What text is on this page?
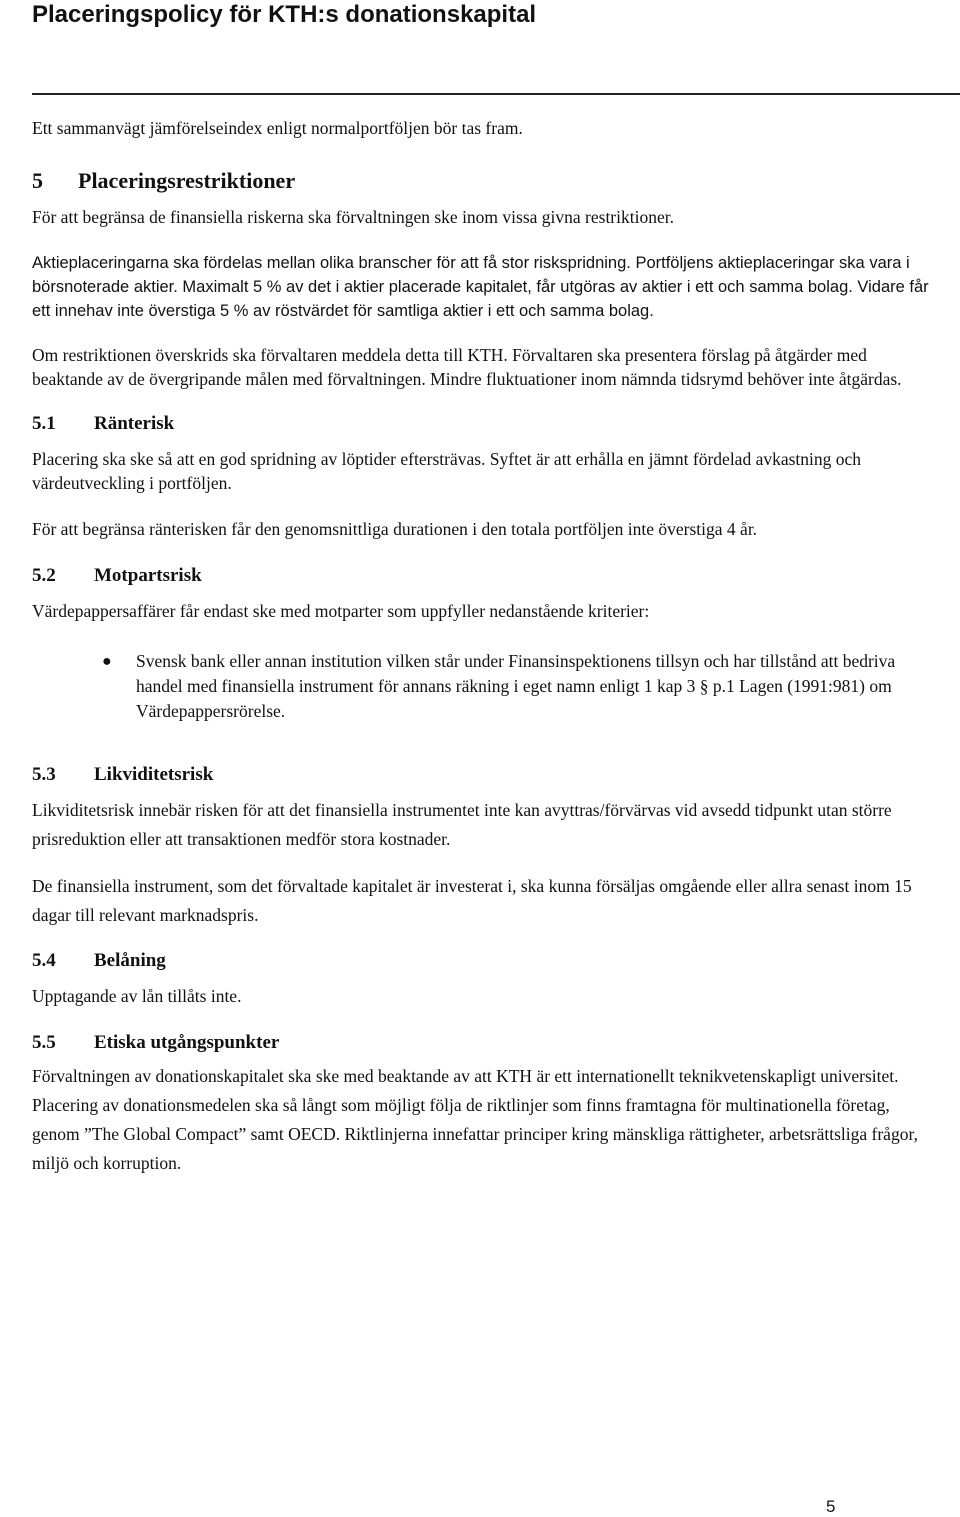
Placeringspolicy för KTH:s donationskapital

Ett sammanvägt jämförelseindex enligt normalportföljen bör tas fram.

5 Placeringsrestriktioner

För att begränsa de finansiella riskerna ska förvaltningen ske inom vissa givna restriktioner.

Aktieplaceringarna ska fördelas mellan olika branscher för att få stor riskspridning. Portföljens aktieplaceringar ska vara i börsnoterade aktier. Maximalt 5 % av det i aktier placerade kapitalet, får utgöras av aktier i ett och samma bolag. Vidare får ett innehav inte överstiga 5 % av röstvärdet för samtliga aktier i ett och samma bolag.

Om restriktionen överskrids ska förvaltaren meddela detta till KTH. Förvaltaren ska presentera förslag på åtgärder med beaktande av de övergripande målen med förvaltningen. Mindre fluktuationer inom nämnda tidsrymd behöver inte åtgärdas.

5.1 Ränterisk

Placering ska ske så att en god spridning av löptider eftersträvas. Syftet är att erhålla en jämnt fördelad avkastning och värdeutveckling i portföljen.

För att begränsa ränterisken får den genomsnittliga durationen i den totala portföljen inte överstiga 4 år.

5.2 Motpartsrisk

Värdepappersaffärer får endast ske med motparter som uppfyller nedanstående kriterier:

● Svensk bank eller annan institution vilken står under Finansinspektionens tillsyn och har tillstånd att bedriva handel med finansiella instrument för annans räkning i eget namn enligt 1 kap 3 § p.1 Lagen (1991:981) om Värdepappersrörelse.
5.3 Likviditetsrisk

Likviditetsrisk innebär risken för att det finansiella instrumentet inte kan avyttras/förvärvas vid avsedd tidpunkt utan större prisreduktion eller att transaktionen medför stora kostnader.

De finansiella instrument, som det förvaltade kapitalet är investerat i, ska kunna försäljas omgående eller allra senast inom 15 dagar till relevant marknadspris.

5.4 Belåning

Upptagande av lån tillåts inte.

5.5 Etiska utgångspunkter

Förvaltningen av donationskapitalet ska ske med beaktande av att KTH är ett internationellt teknikvetenskapligt universitet. Placering av donationsmedelen ska så långt som möjligt följa de riktlinjer som finns framtagna för multinationella företag, genom ”The Global Compact” samt OECD. Riktlinjerna innefattar principer kring mänskliga rättigheter, arbetsrättsliga frågor, miljö och korruption.

5
